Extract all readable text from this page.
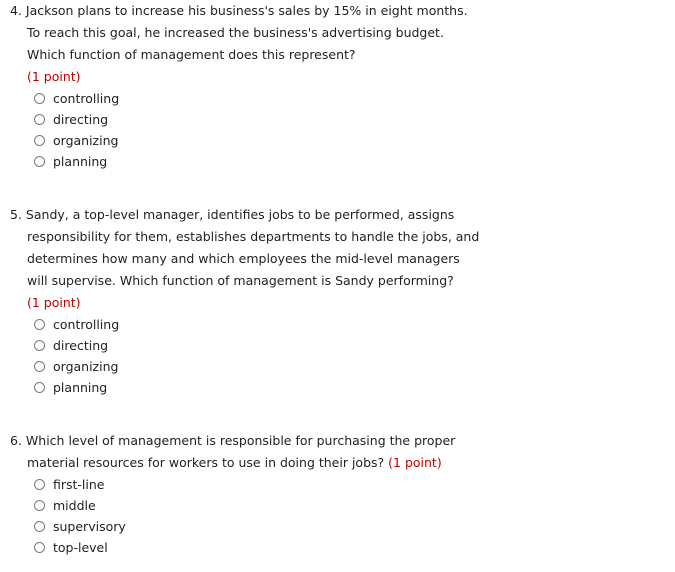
4. Jackson plans to increase his business's sales by 15% in eight months. To reach this goal, he increased the business's advertising budget. Which function of management does this represent?

(1 point)
controlling
directing
organizing
planning

5. Sandy, a top-level manager, identifies jobs to be performed, assigns responsibility for them, establishes departments to handle the jobs, and determines how many and which employees the mid-level managers will supervise. Which function of management is Sandy performing?

(1 point)
controlling
directing
organizing
planning

6. Which level of management is responsible for purchasing the proper material resources for workers to use in doing their jobs? (1 point)

first-line
middle
supervisory
top-level
